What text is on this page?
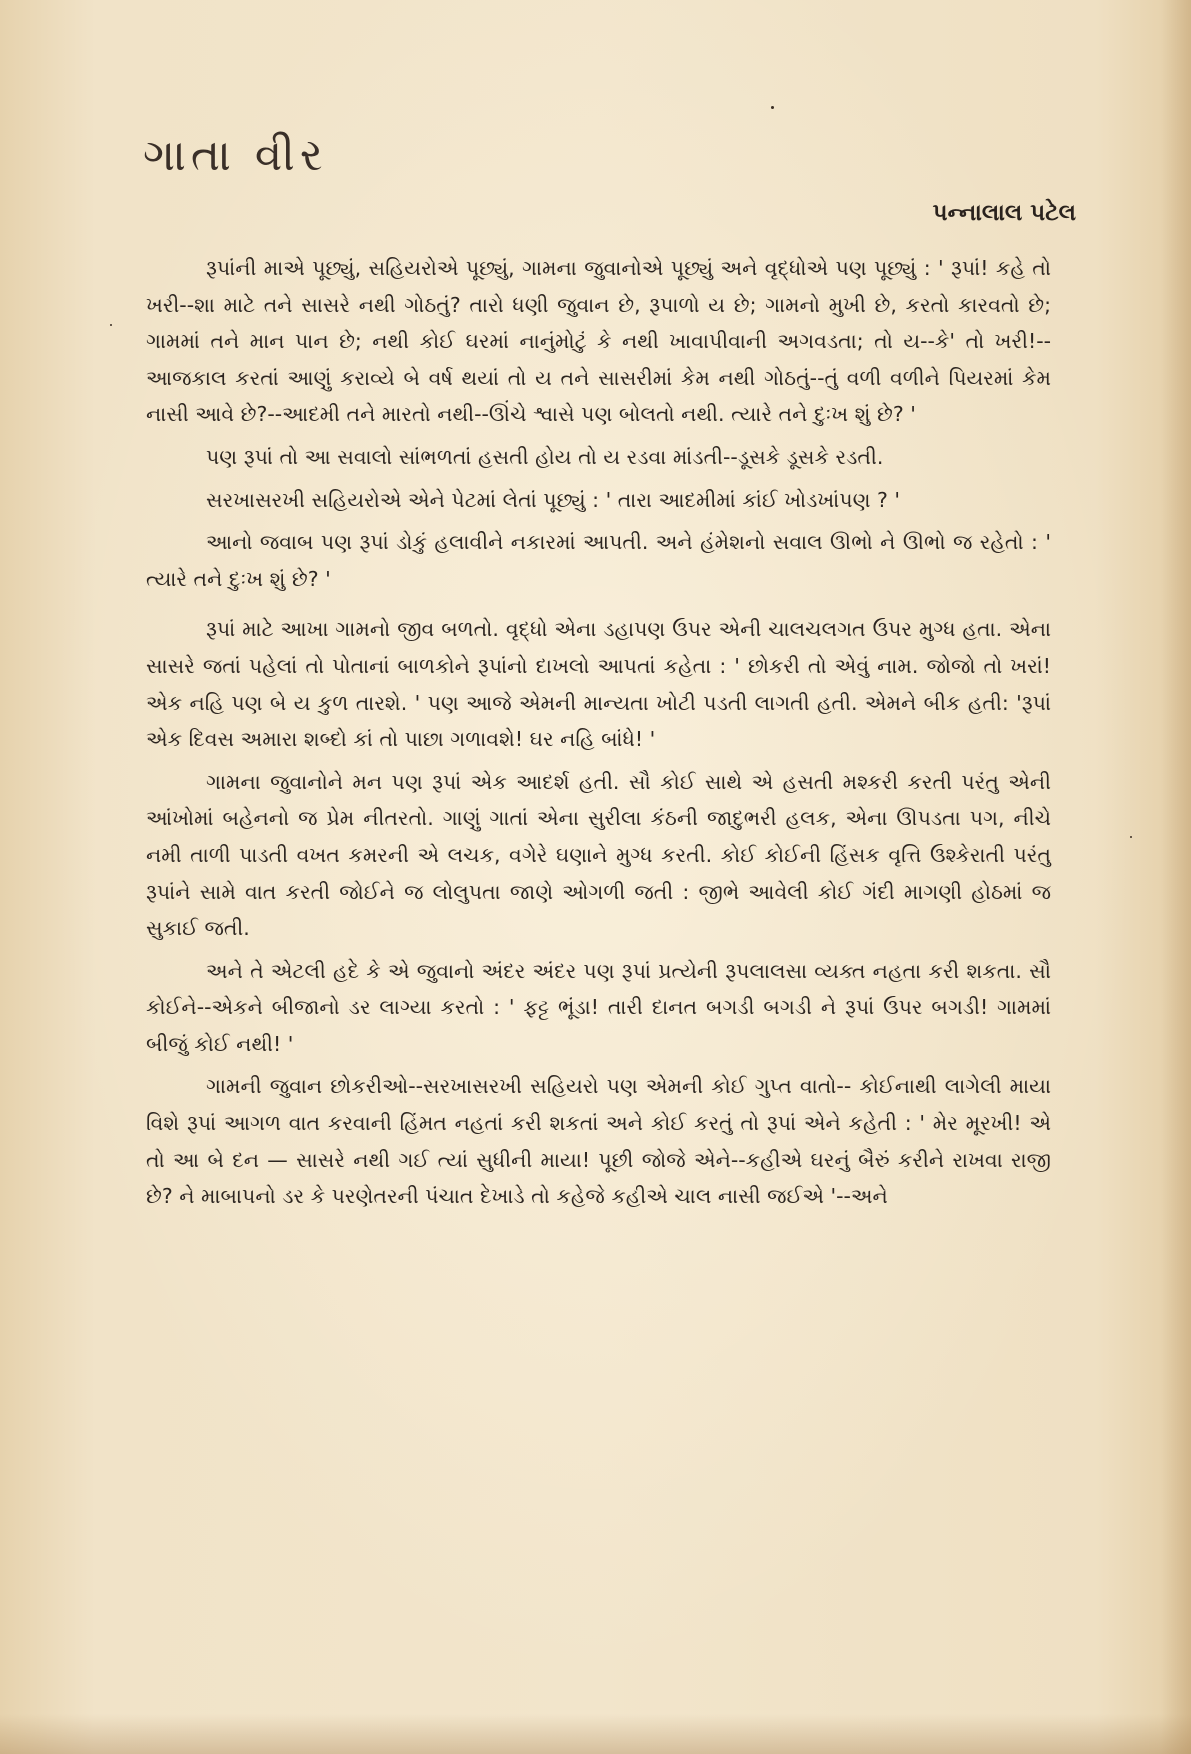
ગાતા વીર
પન્નાલાલ પટેલ

રૂપાંની માએ પૂછ્યું, સહિયરોએ પૂછ્યું, ગામના જુવાનોએ પૂછ્યું અને વૃદ્ધોએ પણ પૂછ્યું : ' રૂપાં! કહે તો ખરી--શા માટે તને સાસરે નથી ગોઠતું? તારો ધણી જુવાન છે, રૂપાળો ય છે; ગામનો મુખી છે, કરતો કારવતો છે; ગામમાં તને માન પાન છે; નથી કોઈ ઘરમાં નાનુંમોટું કે નથી ખાવાપીવાની અગવડતા; તો ય--કે' તો ખરી!-- આજકાલ કરતાં આણું કરાવ્યે બે વર્ષ થયાં તો ય તને સાસરીમાં કેમ નથી ગોઠતું--તું વળી વળીને પિયરમાં કેમ નાસી આવે છે?--આદમી તને મારતો નથી--ઊંચે શ્વાસે પણ બોલતો નથી. ત્યારે તને દુઃખ શું છે? '

પણ રૂપાં તો આ સવાલો સાંભળતાં હસતી હોય તો ય રડવા માંડતી--ડૂસકે ડૂસકે રડતી.

સરખાસરખી સહિયરોએ એને પેટમાં લેતાં પૂછ્યું : ' તારા આદમીમાં કાંઈ ખોડખાંપણ ? '

આનો જવાબ પણ રૂપાં ડોકું હલાવીને નકારમાં આપતી. અને હંમેશનો સવાલ ઊભો ને ઊભો જ રહેતો : ' ત્યારે તને દુઃખ શું છે? '

રૂપાં માટે આખા ગામનો જીવ બળતો. વૃદ્ધો એના ડહાપણ ઉપર એની ચાલચલગત ઉપર મુગ્ધ હતા. એના સાસરે જતાં પહેલાં તો પોતાનાં બાળકોને રૂપાંનો દાખલો આપતાં કહેતા : ' છોકરી તો એવું નામ. જોજો તો ખરાં! એક નહિ પણ બે ય કુળ તારશે. ' પણ આજે એમની માન્યતા ખોટી પડતી લાગતી હતી. એમને બીક હતી: 'રૂપાં એક દિવસ અમારા શબ્દો કાં તો પાછા ગળાવશે! ઘર નહિ બાંધે! '

ગામના જુવાનોને મન પણ રૂપાં એક આદર્શ હતી. સૌ કોઈ સાથે એ હસતી મશ્કરી કરતી પરંતુ એની આંખોમાં બહેનનો જ પ્રેમ નીતરતો. ગાણું ગાતાં એના સુરીલા કંઠની જાદુભરી હલક, એના ઊપડતા પગ, નીચે નમી તાળી પાડતી વખત કમરની એ લચક, વગેરે ઘણાને મુગ્ધ કરતી. કોઈ કોઈની હિંસક વૃત્તિ ઉશ્કેરાતી પરંતુ રૂપાંને સામે વાત કરતી જોઈને જ લોલુપતા જાણે ઓગળી જતી : જીભે આવેલી કોઈ ગંદી માગણી હોઠમાં જ સુકાઈ જતી.

અને તે એટલી હદે કે એ જુવાનો અંદર અંદર પણ રૂપાં પ્રત્યેની રૂપલાલસા વ્યક્ત નહતા કરી શકતા. સૌ કોઈને--એકને બીજાનો ડર લાગ્યા કરતો : ' ફટ્ટ ભૂંડા! તારી દાનત બગડી બગડી ને રૂપાં ઉપર બગડી! ગામમાં બીજું કોઈ નથી! '

ગામની જુવાન છોકરીઓ--સરખાસરખી સહિયરો પણ એમની કોઈ ગુપ્ત વાતો-- કોઈનાથી લાગેલી માયા વિશે રૂપાં આગળ વાત કરવાની હિંમત નહતાં કરી શકતાં અને કોઈ કરતું તો રૂપાં એને કહેતી : ' મેર મૂરખી! એ તો આ બે દન — સાસરે નથી ગઈ ત્યાં સુધીની માયા! પૂછી જોજે એને--કહીએ ઘરનું બૈરું કરીને રાખવા રાજી છે? ને માબાપનો ડર કે પરણેતરની પંચાત દેખાડે તો કહેજે કહીએ ચાલ નાસી જઈએ '--અને
